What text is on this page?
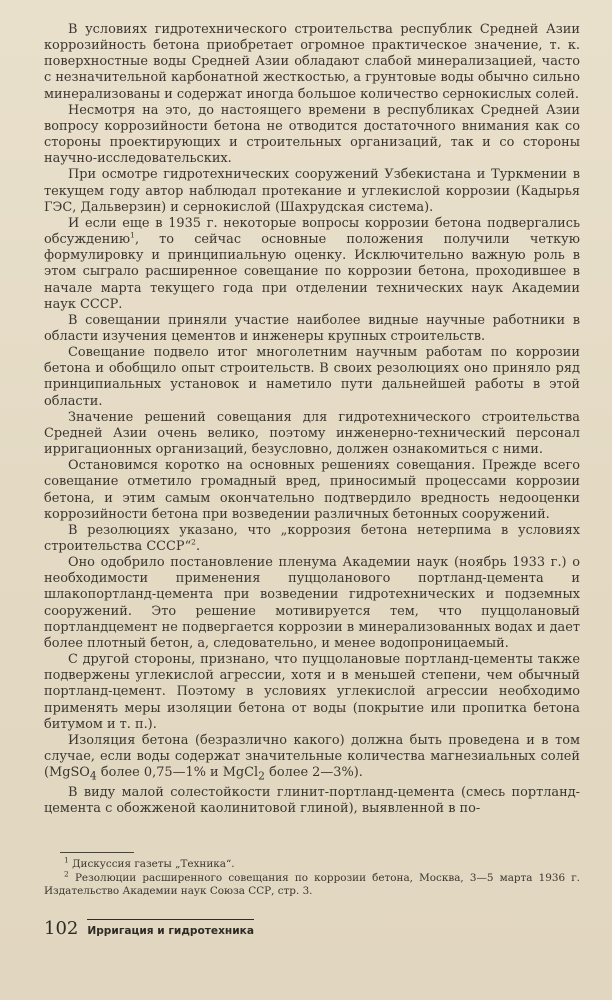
В условиях гидротехнического строительства республик Средней Азии коррозийность бетона приобретает огромное практическое значение, т. к. поверхностные воды Средней Азии обладают слабой минерализацией, часто с незначительной карбонатной жесткостью, а грунтовые воды обычно сильно минерализованы и содержат иногда большое количество сернокислых солей.

Несмотря на это, до настоящего времени в республиках Средней Азии вопросу коррозийности бетона не отводится достаточного внимания как со стороны проектирующих и строительных организаций, так и со стороны научно-исследовательских.

При осмотре гидротехнических сооружений Узбекистана и Туркмении в текущем году автор наблюдал протекание и углекислой коррозии (Кадырья ГЭС, Дальверзин) и сернокислой (Шахрудская система).

И если еще в 1935 г. некоторые вопросы коррозии бетона подвергались обсуждению$^1$, то сейчас основные положения получили четкую формулировку и принципиальную оценку. Исключительно важную роль в этом сыграло расширенное совещание по коррозии бетона, проходившее в начале марта текущего года при отделении технических наук Академии наук СССР.

В совещании приняли участие наиболее видные научные работники в области изучения цементов и инженеры крупных строительств.

Совещание подвело итог многолетним научным работам по коррозии бетона и обобщило опыт строительств. В своих резолюциях оно приняло ряд принципиальных установок и наметило пути дальнейшей работы в этой области.

Значение решений совещания для гидротехнического строительства Средней Азии очень велико, поэтому инженерно-технический персонал ирригационных организаций, безусловно, должен ознакомиться с ними.

Остановимся коротко на основных решениях совещания. Прежде всего совещание отметило громадный вред, приносимый процессами коррозии бетона, и этим самым окончательно подтвердило вредность недооценки коррозийности бетона при возведении различных бетонных сооружений.

В резолюциях указано, что „коррозия бетона нетерпима в условиях строительства СССР“$^2$.

Оно одобрило постановление пленума Академии наук (ноябрь 1933 г.) о необходимости применения пуццоланового портланд-цемента и шлакопортланд-цемента при возведении гидротехнических и подземных сооружений. Это решение мотивируется тем, что пуццолановый портландцемент не подвергается коррозии в минерализованных водах и дает более плотный бетон, а, следовательно, и менее водопроницаемый.

С другой стороны, признано, что пуццолановые портланд-цементы также подвержены углекислой агрессии, хотя и в меньшей степени, чем обычный портланд-цемент. Поэтому в условиях углекислой агрессии необходимо применять меры изоляции бетона от воды (покрытие или пропитка бетона битумом и т. п.).

Изоляция бетона (безразлично какого) должна быть проведена и в том случае, если воды содержат значительные количества магнезиальных солей (MgSO$_4$ более 0,75—1% и MgCl$_2$ более 2—3%).

В виду малой солестойкости глинит-портланд-цемента (смесь портланд-цемента с обожженой каолинитовой глиной), выявленной в по-

$^1$ Дискуссия газеты „Техника“.

$^2$ Резолюции расширенного совещания по коррозии бетона, Москва, 3—5 марта 1936 г. Издательство Академии наук Союза ССР, стр. 3.

102 Ирригация и гидротехника
